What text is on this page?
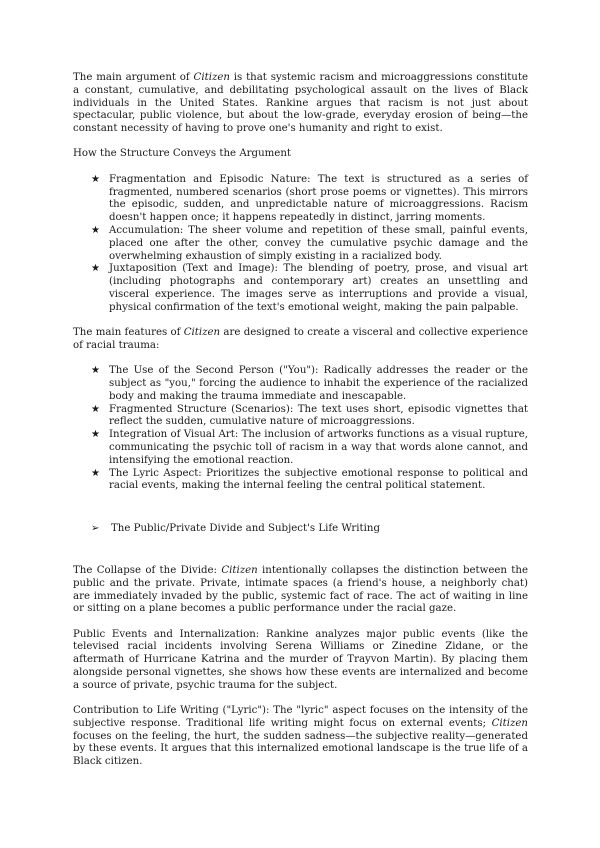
The main argument of Citizen is that systemic racism and microaggressions constitute a constant, cumulative, and debilitating psychological assault on the lives of Black individuals in the United States. Rankine argues that racism is not just about spectacular, public violence, but about the low-grade, everyday erosion of being—the constant necessity of having to prove one's humanity and right to exist.

How the Structure Conveys the Argument

★ Fragmentation and Episodic Nature: The text is structured as a series of fragmented, numbered scenarios (short prose poems or vignettes). This mirrors the episodic, sudden, and unpredictable nature of microaggressions. Racism doesn't happen once; it happens repeatedly in distinct, jarring moments.
★ Accumulation: The sheer volume and repetition of these small, painful events, placed one after the other, convey the cumulative psychic damage and the overwhelming exhaustion of simply existing in a racialized body.
★ Juxtaposition (Text and Image): The blending of poetry, prose, and visual art (including photographs and contemporary art) creates an unsettling and visceral experience. The images serve as interruptions and provide a visual, physical confirmation of the text's emotional weight, making the pain palpable.

The main features of Citizen are designed to create a visceral and collective experience of racial trauma:

★ The Use of the Second Person ("You"): Radically addresses the reader or the subject as "you," forcing the audience to inhabit the experience of the racialized body and making the trauma immediate and inescapable.
★ Fragmented Structure (Scenarios): The text uses short, episodic vignettes that reflect the sudden, cumulative nature of microaggressions.
★ Integration of Visual Art: The inclusion of artworks functions as a visual rupture, communicating the psychic toll of racism in a way that words alone cannot, and intensifying the emotional reaction.
★ The Lyric Aspect: Prioritizes the subjective emotional response to political and racial events, making the internal feeling the central political statement.

➢ The Public/Private Divide and Subject's Life Writing

The Collapse of the Divide: Citizen intentionally collapses the distinction between the public and the private. Private, intimate spaces (a friend's house, a neighborly chat) are immediately invaded by the public, systemic fact of race. The act of waiting in line or sitting on a plane becomes a public performance under the racial gaze.

Public Events and Internalization: Rankine analyzes major public events (like the televised racial incidents involving Serena Williams or Zinedine Zidane, or the aftermath of Hurricane Katrina and the murder of Trayvon Martin). By placing them alongside personal vignettes, she shows how these events are internalized and become a source of private, psychic trauma for the subject.

Contribution to Life Writing ("Lyric"): The "lyric" aspect focuses on the intensity of the subjective response. Traditional life writing might focus on external events; Citizen focuses on the feeling, the hurt, the sudden sadness—the subjective reality—generated by these events. It argues that this internalized emotional landscape is the true life of a Black citizen.
